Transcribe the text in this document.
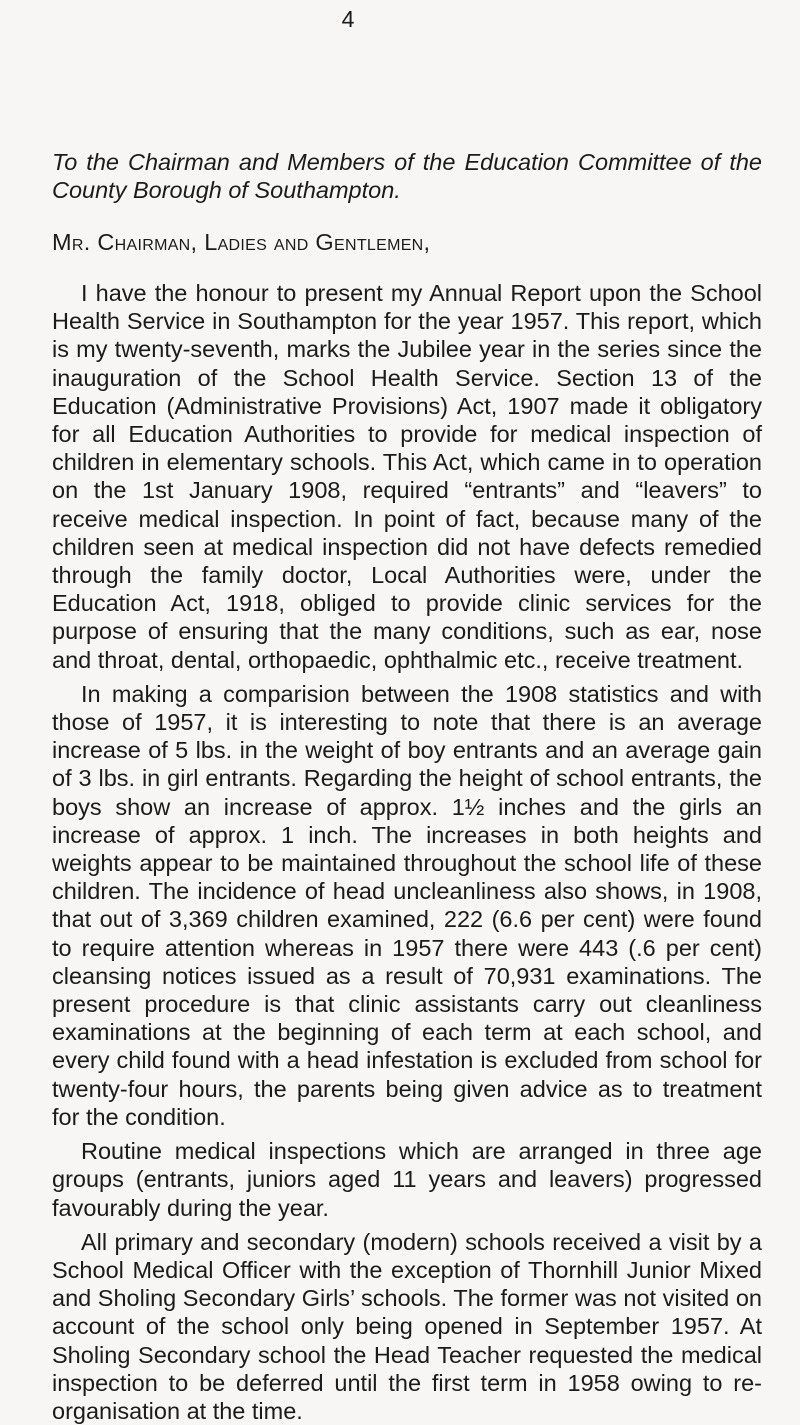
4

To the Chairman and Members of the Education Committee of the County Borough of Southampton.

Mr. Chairman, Ladies and Gentlemen,

I have the honour to present my Annual Report upon the School Health Service in Southampton for the year 1957. This report, which is my twenty-seventh, marks the Jubilee year in the series since the inauguration of the School Health Service. Section 13 of the Education (Administrative Provisions) Act, 1907 made it obligatory for all Education Authorities to provide for medical inspection of children in elementary schools. This Act, which came in to operation on the 1st January 1908, required “entrants” and “leavers” to receive medical inspection. In point of fact, because many of the children seen at medical inspection did not have defects remedied through the family doctor, Local Authorities were, under the Education Act, 1918, obliged to provide clinic services for the purpose of ensuring that the many conditions, such as ear, nose and throat, dental, orthopaedic, ophthalmic etc., receive treatment.

In making a comparision between the 1908 statistics and with those of 1957, it is interesting to note that there is an average increase of 5 lbs. in the weight of boy entrants and an average gain of 3 lbs. in girl entrants. Regarding the height of school entrants, the boys show an increase of approx. 1½ inches and the girls an increase of approx. 1 inch. The increases in both heights and weights appear to be maintained throughout the school life of these children. The incidence of head uncleanliness also shows, in 1908, that out of 3,369 children examined, 222 (6.6 per cent) were found to require attention whereas in 1957 there were 443 (.6 per cent) cleansing notices issued as a result of 70,931 examinations. The present procedure is that clinic assistants carry out cleanliness examinations at the beginning of each term at each school, and every child found with a head infestation is excluded from school for twenty-four hours, the parents being given advice as to treatment for the condition.

Routine medical inspections which are arranged in three age groups (entrants, juniors aged 11 years and leavers) progressed favourably during the year.

All primary and secondary (modern) schools received a visit by a School Medical Officer with the exception of Thornhill Junior Mixed and Sholing Secondary Girls’ schools. The former was not visited on account of the school only being opened in September 1957. At Sholing Secondary school the Head Teacher requested the medical inspection to be deferred until the first term in 1958 owing to re-organisation at the time.
